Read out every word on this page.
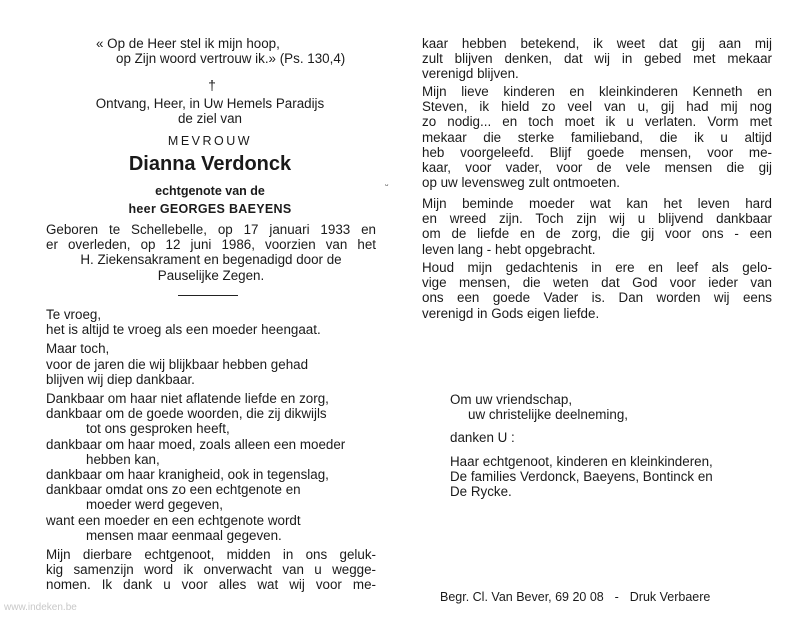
« Op de Heer stel ik mijn hoop,
op Zijn woord vertrouw ik.» (Ps. 130,4)
†
Ontvang, Heer, in Uw Hemels Paradijs
de ziel van
MEVROUW
Dianna Verdonck
echtgenote van de
heer GEORGES BAEYENS
Geboren te Schellebelle, op 17 januari 1933 en
er overleden, op 12 juni 1986, voorzien van het
H. Ziekensakrament en begenadigd door de
Pauselijke Zegen.
Te vroeg,
het is altijd te vroeg als een moeder heengaat.
Maar toch,
voor de jaren die wij blijkbaar hebben gehad
blijven wij diep dankbaar.
Dankbaar om haar niet aflatende liefde en zorg,
dankbaar om de goede woorden, die zij dikwijls
tot ons gesproken heeft,
dankbaar om haar moed, zoals alleen een moeder
hebben kan,
dankbaar om haar kranigheid, ook in tegenslag,
dankbaar omdat ons zo een echtgenote en
moeder werd gegeven,
want een moeder en een echtgenote wordt
mensen maar eenmaal gegeven.
Mijn dierbare echtgenoot, midden in ons geluk-
kig samenzijn word ik onverwacht van u wegge-
nomen. Ik dank u voor alles wat wij voor me-
ᵕ
kaar hebben betekend, ik weet dat gij aan mij
zult blijven denken, dat wij in gebed met mekaar
verenigd blijven.
Mijn lieve kinderen en kleinkinderen Kenneth en
Steven, ik hield zo veel van u, gij had mij nog
zo nodig... en toch moet ik u verlaten. Vorm met
mekaar die sterke familieband, die ik u altijd
heb voorgeleefd. Blijf goede mensen, voor me-
kaar, voor vader, voor de vele mensen die gij
op uw levensweg zult ontmoeten.
Mijn beminde moeder wat kan het leven hard
en wreed zijn. Toch zijn wij u blijvend dankbaar
om de liefde en de zorg, die gij voor ons - een
leven lang - hebt opgebracht.
Houd mijn gedachtenis in ere en leef als gelo-
vige mensen, die weten dat God voor ieder van
ons een goede Vader is. Dan worden wij eens
verenigd in Gods eigen liefde.
Om uw vriendschap,
uw christelijke deelneming,
danken U :
Haar echtgenoot, kinderen en kleinkinderen,
De families Verdonck, Baeyens, Bontinck en
De Rycke.
Begr. Cl. Van Bever, 69 20 08 - Druk Verbaere
www.indeken.be
